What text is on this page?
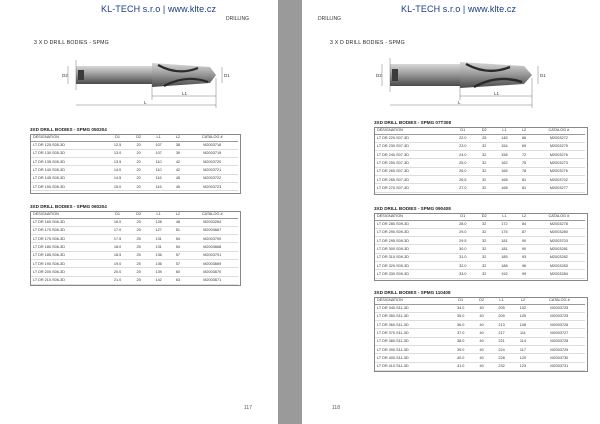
KL-TECH s.r.o | www.klte.cz
DRILLING
3 X D DRILL BODIES - SPMG
L1
L
D2	D1
3XD DRILL BODIES - SPMG 050204
DESIGNATION	D1	D2	L1	L2	CATALOG #
LT DR 125.S05-3D	12.5	20	107	38	M2003716
LT DR 130.S05-3D	13.0	20	107	39	M2003719
LT DR 135.S05-3D	13.5	20	110	42	M2003720
LT DR 140.S05-3D	14.0	20	110	42	M2003721
LT DR 145.S05-3D	14.5	20	116	45	M2003722
LT DR 150.S05-3D	15.0	20	116	45	M2003723
3XD DRILL BODIES - SPMG 060204
DESIGNATION	D1	D2	L1	L2	CATALOG #
LT DR 160.S06-3D	16.0	25	128	48	M2003264
LT DR 170.S06-3D	17.0	25	127	51	M2003667
LT DR 175.S06-3D	17.5	25	131	54	M2003700
LT DR 180.S06-3D	18.0	25	131	54	M2003668
LT DR 185.S06-3D	18.5	25	136	57	M2003701
LT DR 190.S06-3D	19.0	25	136	57	M2003669
LT DR 200.S06-3D	20.0	25	139	60	M2003670
LT DR 210.S06-3D	21.0	25	142	63	M2003671
117
KL-TECH s.r.o | www.klte.cz
DRILLING
3 X D DRILL BODIES - SPMG
L1
L
D2	D1
3XD DRILL BODIES - SPMG 07T308
DESIGNATION	D1	D2	L1	L2	CATALOG #
LT DR 220.S07-3D	22.0	25	145	66	M2003272
LT DR 230.S07-3D	23.0	32	154	69	M2003275
LT DR 240.S07-3D	24.0	32	158	72	M2003276
LT DR 250.S07-3D	25.0	32	162	75	M2003273
LT DR 260.S07-3D	26.0	32	165	78	M2003276
LT DR 265.S07-3D	26.5	32	168	81	M2003702
LT DR 270.S07-3D	27.0	32	168	81	M2003277
3XD DRILL BODIES - SPMG 090408
DESIGNATION	D1	D2	L1	L2	CATALOG #
LT DR 280.S09-3D	28.0	32	172	84	M2003278
LT DR 290.S09-3D	29.0	32	175	87	M2003280
LT DR 295.S09-3D	29.5	32	181	90	M2003703
LT DR 300.S09-3D	30.0	32	181	90	M2003281
LT DR 310.S09-3D	31.0	32	185	93	M2003282
LT DR 320.S09-3D	32.0	32	188	96	M2003283
LT DR 330.S09-3D	33.0	32	192	99	M2003284
3XD DRILL BODIES - SPMG 110408
DESIGNATION	D1	D2	L1	L2	CATALOG #
LT DR 340.S11-3D	34.0	40	205	102	M2003725
LT DR 350.S11-3D	35.0	40	209	105	M2003725
LT DR 360.S11-3D	36.0	40	213	108	M2003726
LT DR 370.S11-3D	37.0	40	217	111	M2003727
LT DR 380.S11-3D	38.0	40	221	114	M2003728
LT DR 390.S11-3D	39.0	40	224	117	M2003729
LT DR 400.S11-3D	40.0	40	228	120	M2003730
LT DR 410.S11-3D	41.0	40	232	123	M2003731
118
